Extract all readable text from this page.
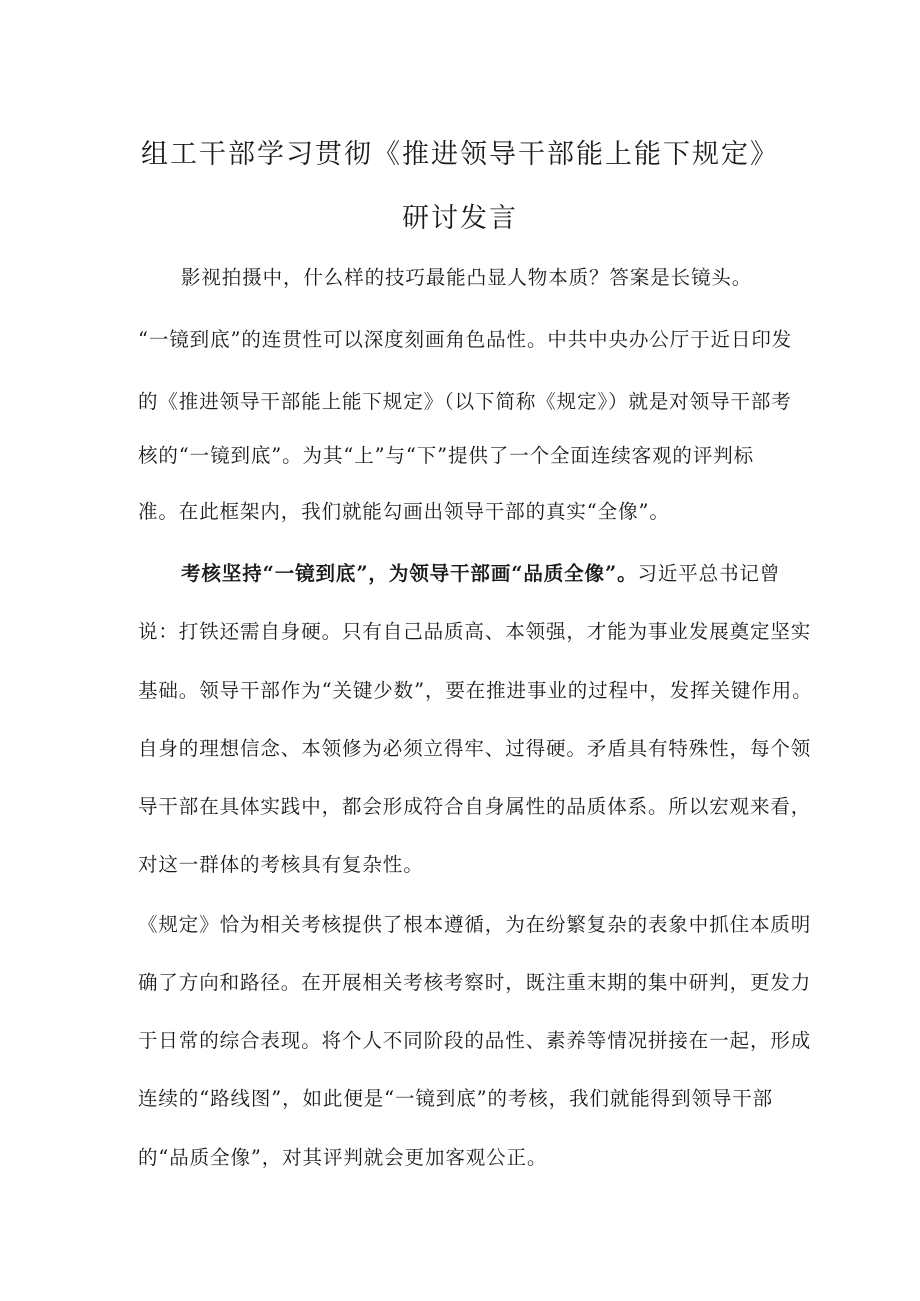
组工干部学习贯彻《推进领导干部能上能下规定》
研讨发言
影视拍摄中，什么样的技巧最能凸显人物本质？答案是长镜头。
“一镜到底”的连贯性可以深度刻画角色品性。中共中央办公厅于近日印发
的《推进领导干部能上能下规定》（以下简称《规定》）就是对领导干部考
核的“一镜到底”。为其“上”与“下”提供了一个全面连续客观的评判标
准。在此框架内，我们就能勾画出领导干部的真实“全像”。
考核坚持“一镜到底”，为领导干部画“品质全像”。习近平总书记曾
说：打铁还需自身硬。只有自己品质高、本领强，才能为事业发展奠定坚实
基础。领导干部作为“关键少数”，要在推进事业的过程中，发挥关键作用。
自身的理想信念、本领修为必须立得牢、过得硬。矛盾具有特殊性，每个领
导干部在具体实践中，都会形成符合自身属性的品质体系。所以宏观来看，
对这一群体的考核具有复杂性。
《规定》恰为相关考核提供了根本遵循，为在纷繁复杂的表象中抓住本质明
确了方向和路径。在开展相关考核考察时，既注重末期的集中研判，更发力
于日常的综合表现。将个人不同阶段的品性、素养等情况拼接在一起，形成
连续的“路线图”，如此便是“一镜到底”的考核，我们就能得到领导干部
的“品质全像”，对其评判就会更加客观公正。
